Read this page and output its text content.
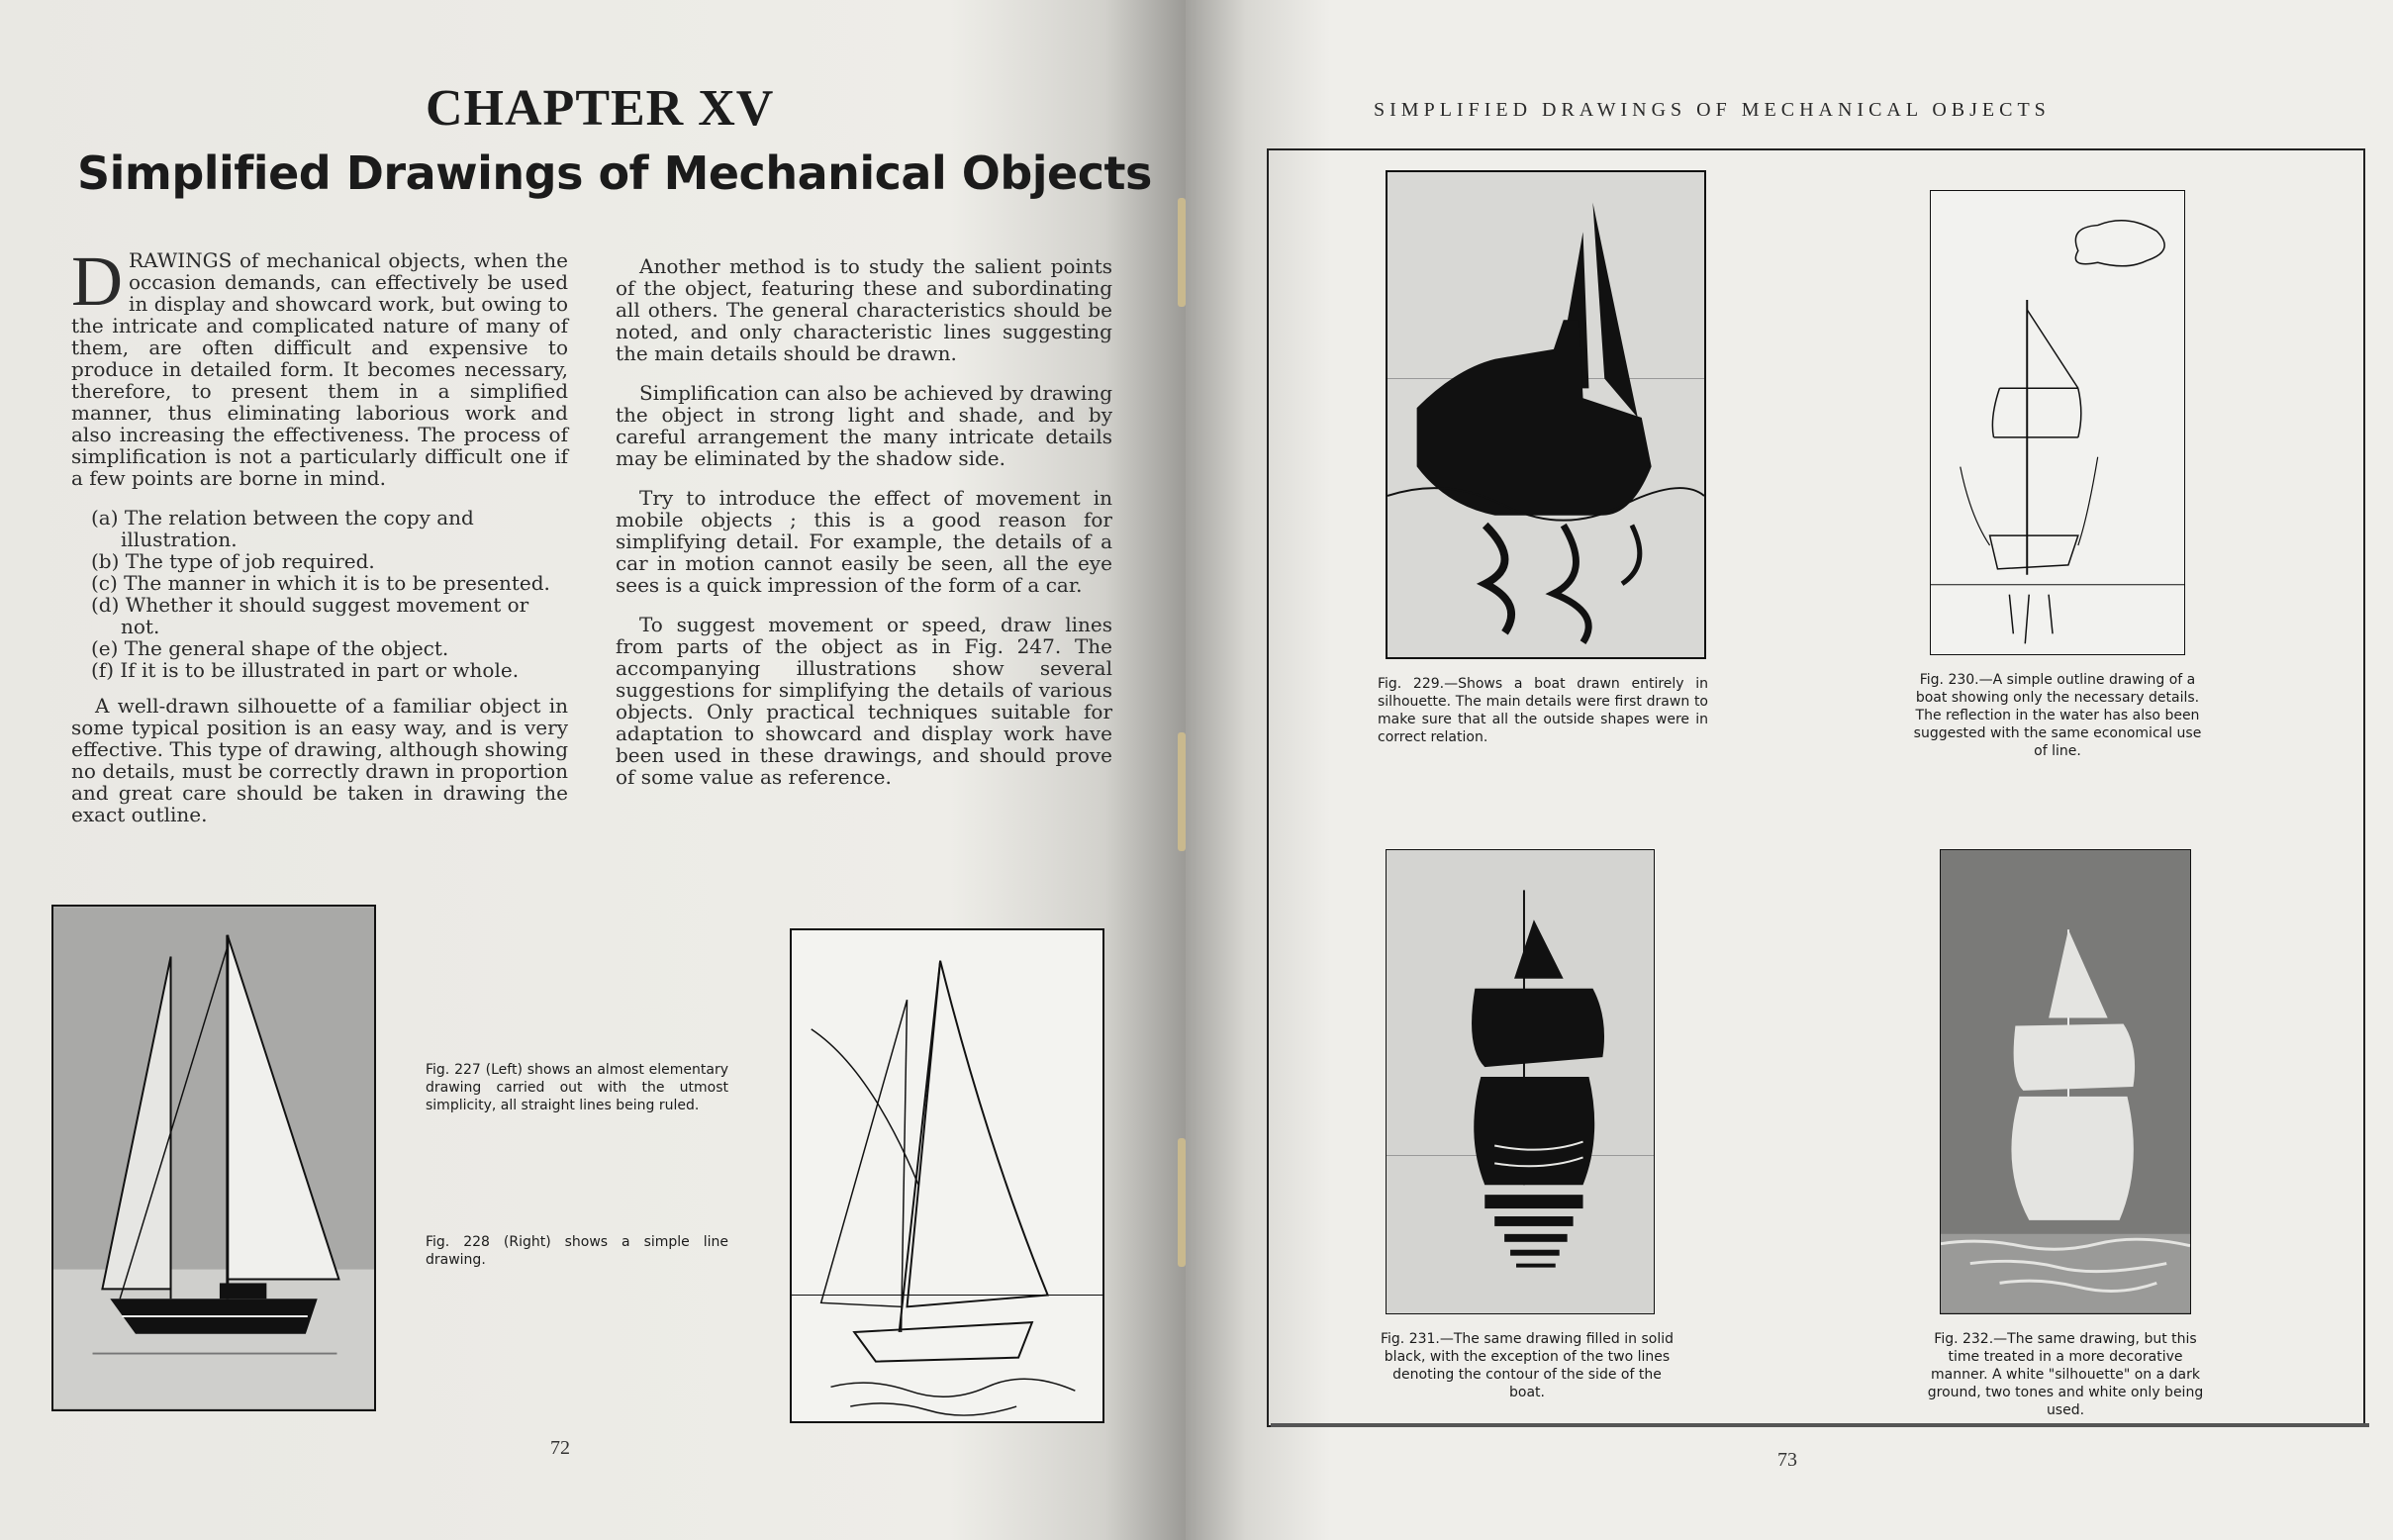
CHAPTER XV
Simplified Drawings of Mechanical Objects

DRAWINGS of mechanical objects, when the occasion demands, can effectively be used in display and showcard work, but owing to the intricate and complicated nature of many of them, are often difficult and expensive to produce in detailed form. It becomes necessary, therefore, to present them in a simplified manner, thus eliminating laborious work and also increasing the effectiveness. The process of simplification is not a particularly difficult one if a few points are borne in mind.

(a) The relation between the copy and illustration.
(b) The type of job required.
(c) The manner in which it is to be presented.
(d) Whether it should suggest movement or not.
(e) The general shape of the object.
(f) If it is to be illustrated in part or whole.

A well-drawn silhouette of a familiar object in some typical position is an easy way, and is very effective. This type of drawing, although showing no details, must be correctly drawn in proportion and great care should be taken in drawing the exact outline.

Another method is to study the salient points of the object, featuring these and subordinating all others. The general characteristics should be noted, and only characteristic lines suggesting the main details should be drawn.

Simplification can also be achieved by drawing the object in strong light and shade, and by careful arrangement the many intricate details may be eliminated by the shadow side.

Try to introduce the effect of movement in mobile objects ; this is a good reason for simplifying detail. For example, the details of a car in motion cannot easily be seen, all the eye sees is a quick impression of the form of a car.

To suggest movement or speed, draw lines from parts of the object as in Fig. 247. The accompanying illustrations show several suggestions for simplifying the details of various objects. Only practical techniques suitable for adaptation to showcard and display work have been used in these drawings, and should prove of some value as reference.

Fig. 227 (Left) shows an almost elementary drawing carried out with the utmost simplicity, all straight lines being ruled.
Fig. 228 (Right) shows a simple line drawing.
72
SIMPLIFIED DRAWINGS OF MECHANICAL OBJECTS
Fig. 229.—Shows a boat drawn entirely in silhouette. The main details were first drawn to make sure that all the outside shapes were in correct relation.
Fig. 230.—A simple outline drawing of a boat showing only the necessary details. The reflection in the water has also been suggested with the same economical use of line.
Fig. 231.—The same drawing filled in solid black, with the exception of the two lines denoting the contour of the side of the boat.
Fig. 232.—The same drawing, but this time treated in a more decorative manner. A white "silhouette" on a dark ground, two tones and white only being used.
73
